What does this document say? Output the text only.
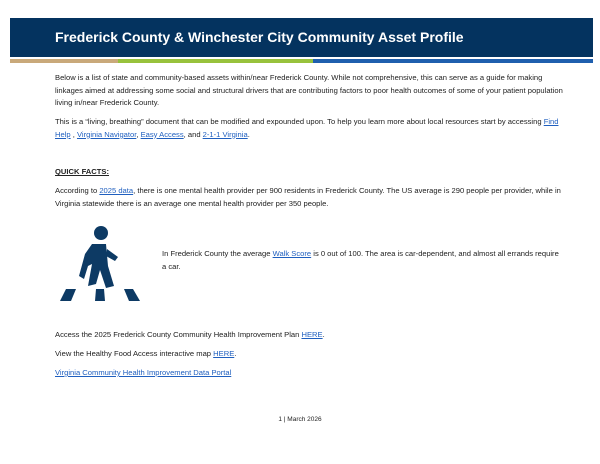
Frederick County & Winchester City Community Asset Profile
Below is a list of state and community-based assets within/near Frederick County. While not comprehensive, this can serve as a guide for making linkages aimed at addressing some social and structural drivers that are contributing factors to poor health outcomes of some of your patient population living in/near Frederick County.
This is a “living, breathing” document that can be modified and expounded upon. To help you learn more about local resources start by accessing Find Help , Virginia Navigator, Easy Access, and 2-1-1 Virginia.
QUICK FACTS:
According to 2025 data, there is one mental health provider per 900 residents in Frederick County. The US average is 290 people per provider, while in Virginia statewide there is an average one mental health provider per 350 people.
In Frederick County the average Walk Score is 0 out of 100. The area is car-dependent, and almost all errands require a car.
Access the 2025 Frederick County Community Health Improvement Plan HERE.
View the Healthy Food Access interactive map HERE.
Virginia Community Health Improvement Data Portal
1 | March 2026
